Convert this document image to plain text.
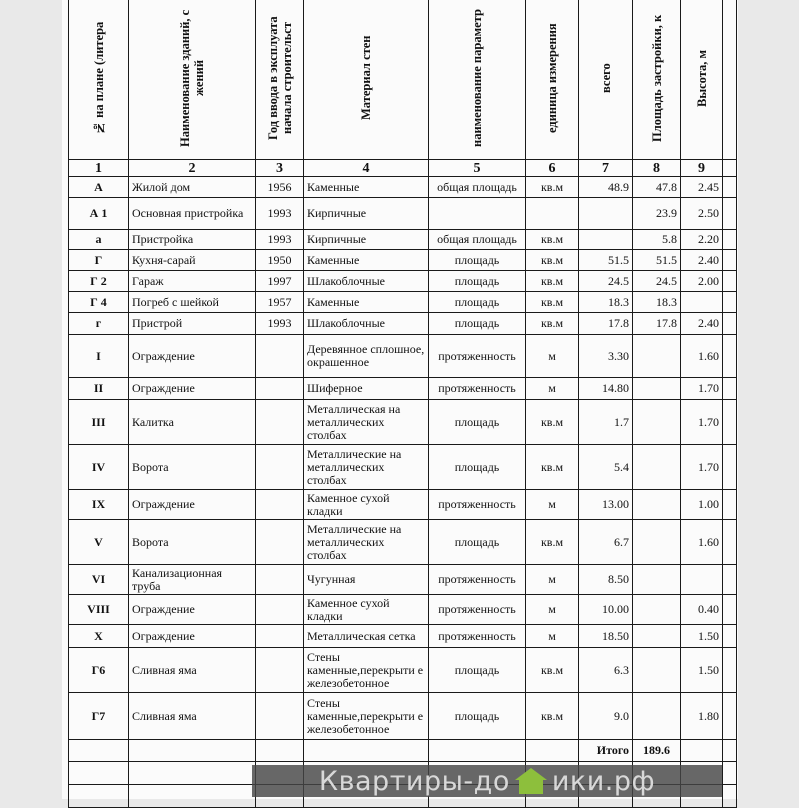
№ на плане (литера	Наименование зданий, с жений	Год ввода в эксплуата начала строительст	Материал стен	наименование параметр	единица измерения	всего	Площадь застройки, к	Высота, м	
1	2	3	4	5	6	7	8	9	
А	Жилой дом	1956	Каменные	общая площадь	кв.м	48.9	47.8	2.45	
А 1	Основная пристройка	1993	Кирпичные				23.9	2.50	
а	Пристройка	1993	Кирпичные	общая площадь	кв.м		5.8	2.20	
Г	Кухня-сарай	1950	Каменные	площадь	кв.м	51.5	51.5	2.40	
Г 2	Гараж	1997	Шлакоблочные	площадь	кв.м	24.5	24.5	2.00	
Г 4	Погреб с шейкой	1957	Каменные	площадь	кв.м	18.3	18.3		
г	Пристрой	1993	Шлакоблочные	площадь	кв.м	17.8	17.8	2.40	
I	Ограждение		Деревянное сплошное, окрашенное	протяженность	м	3.30		1.60	
II	Ограждение		Шиферное	протяженность	м	14.80		1.70	
III	Калитка		Металлическая на металлических столбах	площадь	кв.м	1.7		1.70	
IV	Ворота		Металлические на металлических столбах	площадь	кв.м	5.4		1.70	
IX	Ограждение		Каменное сухой кладки	протяженность	м	13.00		1.00	
V	Ворота		Металлические на металлических столбах	площадь	кв.м	6.7		1.60	
VI	Канализационная труба		Чугунная	протяженность	м	8.50			
VIII	Ограждение		Каменное сухой кладки	протяженность	м	10.00		0.40	
X	Ограждение		Металлическая сетка	протяженность	м	18.50		1.50	
Г6	Сливная яма		Стены каменные,перекрыти е железобетонное	площадь	кв.м	6.3		1.50	
Г7	Сливная яма		Стены каменные,перекрыти е железобетонное	площадь	кв.м	9.0		1.80	
						Итого	189.6		

Квартиры-до ики.рф
